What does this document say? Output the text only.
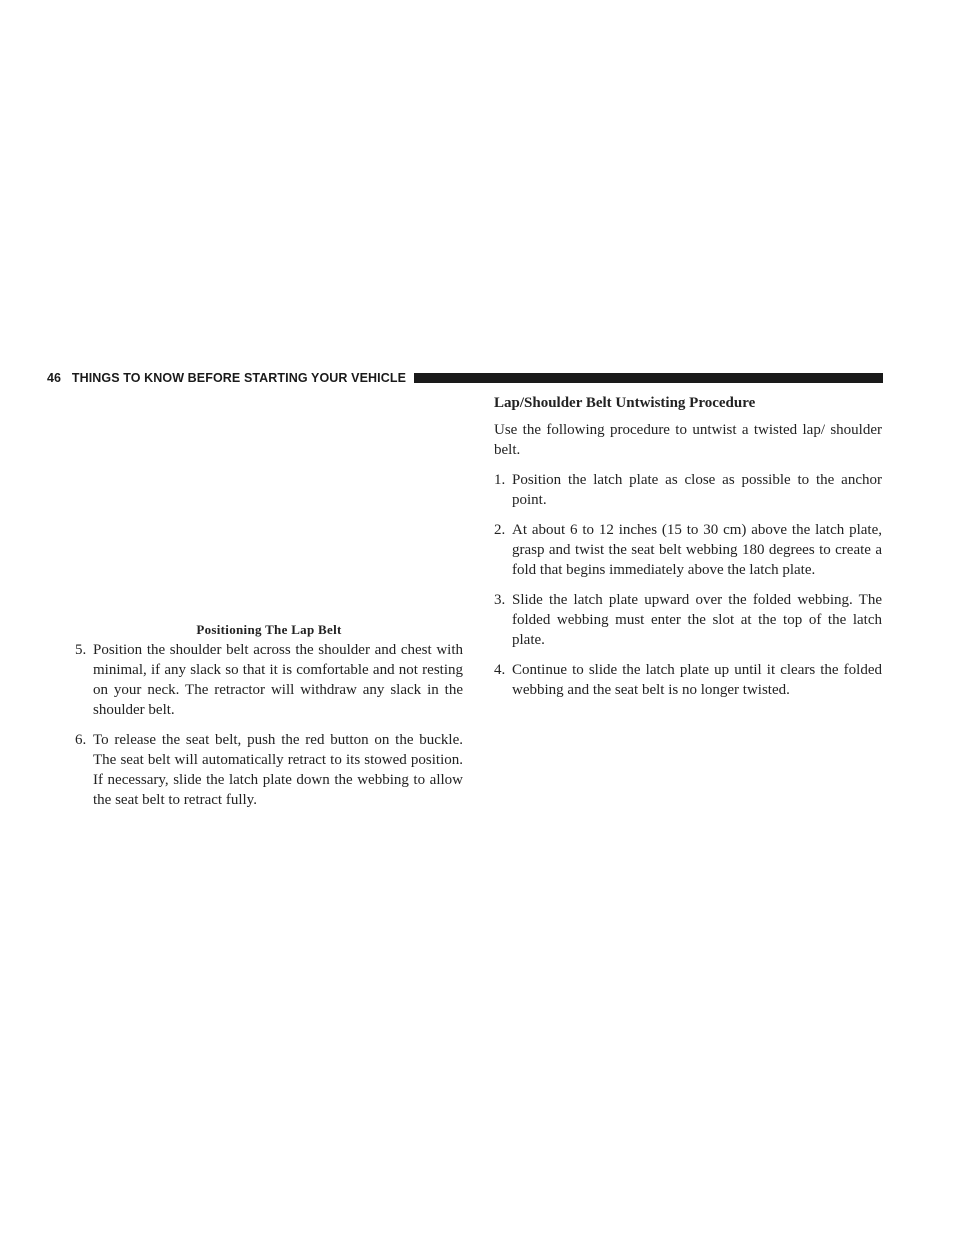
46 THINGS TO KNOW BEFORE STARTING YOUR VEHICLE
Positioning The Lap Belt
5. Position the shoulder belt across the shoulder and chest with minimal, if any slack so that it is comfortable and not resting on your neck. The retractor will withdraw any slack in the shoulder belt.
6. To release the seat belt, push the red button on the buckle. The seat belt will automatically retract to its stowed position. If necessary, slide the latch plate down the webbing to allow the seat belt to retract fully.
Lap/Shoulder Belt Untwisting Procedure

Use the following procedure to untwist a twisted lap/ shoulder belt.

1. Position the latch plate as close as possible to the anchor point.
2. At about 6 to 12 inches (15 to 30 cm) above the latch plate, grasp and twist the seat belt webbing 180 degrees to create a fold that begins immediately above the latch plate.
3. Slide the latch plate upward over the folded webbing. The folded webbing must enter the slot at the top of the latch plate.
4. Continue to slide the latch plate up until it clears the folded webbing and the seat belt is no longer twisted.
